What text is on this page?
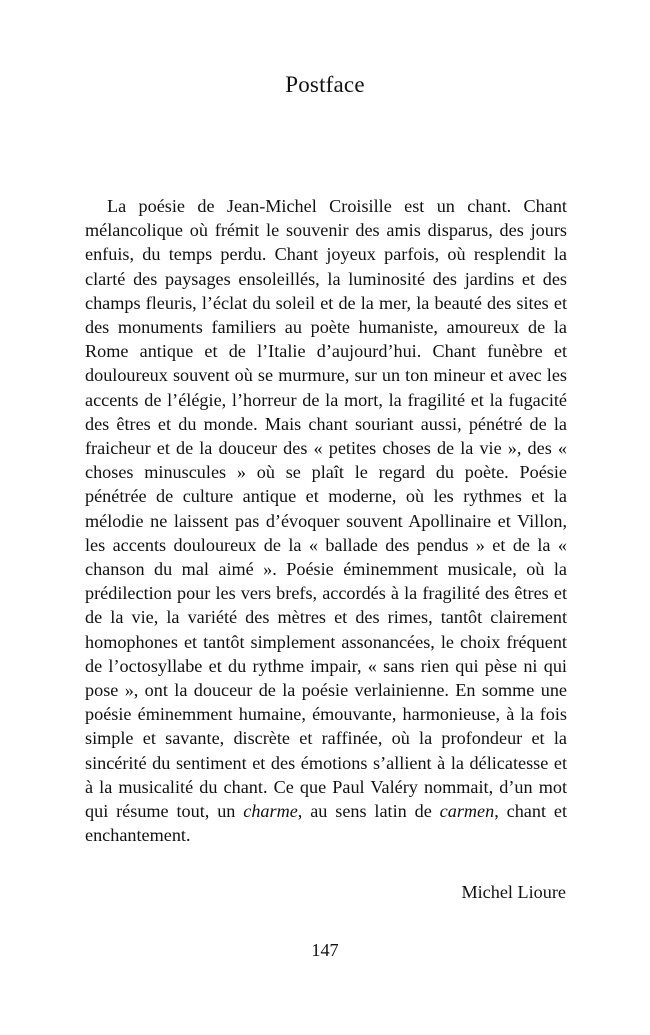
Postface

La poésie de Jean-Michel Croisille est un chant. Chant mélancolique où frémit le souvenir des amis disparus, des jours enfuis, du temps perdu. Chant joyeux parfois, où resplendit la clarté des paysages ensoleillés, la luminosité des jardins et des champs fleuris, l’éclat du soleil et de la mer, la beauté des sites et des monuments familiers au poète humaniste, amoureux de la Rome antique et de l’Italie d’aujourd’hui. Chant funèbre et douloureux souvent où se murmure, sur un ton mineur et avec les accents de l’élégie, l’horreur de la mort, la fragilité et la fugacité des êtres et du monde. Mais chant souriant aussi, pénétré de la fraicheur et de la douceur des « petites choses de la vie », des « choses minuscules » où se plaît le regard du poète. Poésie pénétrée de culture antique et moderne, où les rythmes et la mélodie ne laissent pas d’évoquer souvent Apollinaire et Villon, les accents douloureux de la « ballade des pendus » et de la « chanson du mal aimé ». Poésie éminemment musicale, où la prédilection pour les vers brefs, accordés à la fragilité des êtres et de la vie, la variété des mètres et des rimes, tantôt clairement homophones et tantôt simplement assonancées, le choix fréquent de l’octosyllabe et du rythme impair, « sans rien qui pèse ni qui pose », ont la douceur de la poésie verlainienne. En somme une poésie éminemment humaine, émouvante, harmonieuse, à la fois simple et savante, discrète et raffinée, où la profondeur et la sincérité du sentiment et des émotions s’allient à la délicatesse et à la musicalité du chant. Ce que Paul Valéry nommait, d’un mot qui résume tout, un charme, au sens latin de carmen, chant et enchantement.

Michel Lioure
147
